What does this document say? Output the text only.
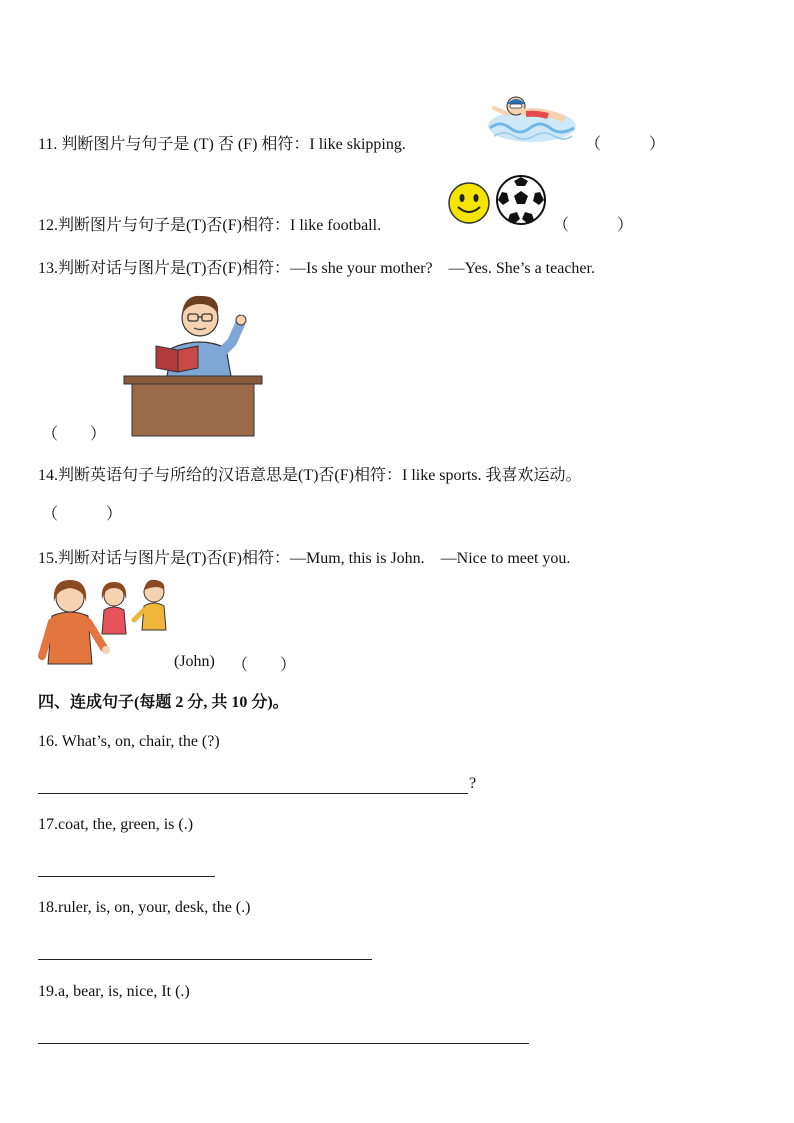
11. 判断图片与句子是 (T) 否 (F) 相符：I like skipping.	（　　　）
12.判断图片与句子是(T)否(F)相符：I like football.	（　　　）
13.判断对话与图片是(T)否(F)相符：—Is she your mother?　—Yes. She’s a teacher.
（　　）
14.判断英语句子与所给的汉语意思是(T)否(F)相符：I like sports. 我喜欢运动。
（　　　）
15.判断对话与图片是(T)否(F)相符：—Mum, this is John.　—Nice to meet you.
(John) （　　）
四、连成句子(每题 2 分, 共 10 分)。
16. What’s, on, chair, the (?)
?
17.coat, the, green, is (.)
18.ruler, is, on, your, desk, the (.)
19.a, bear, is, nice, It (.)
